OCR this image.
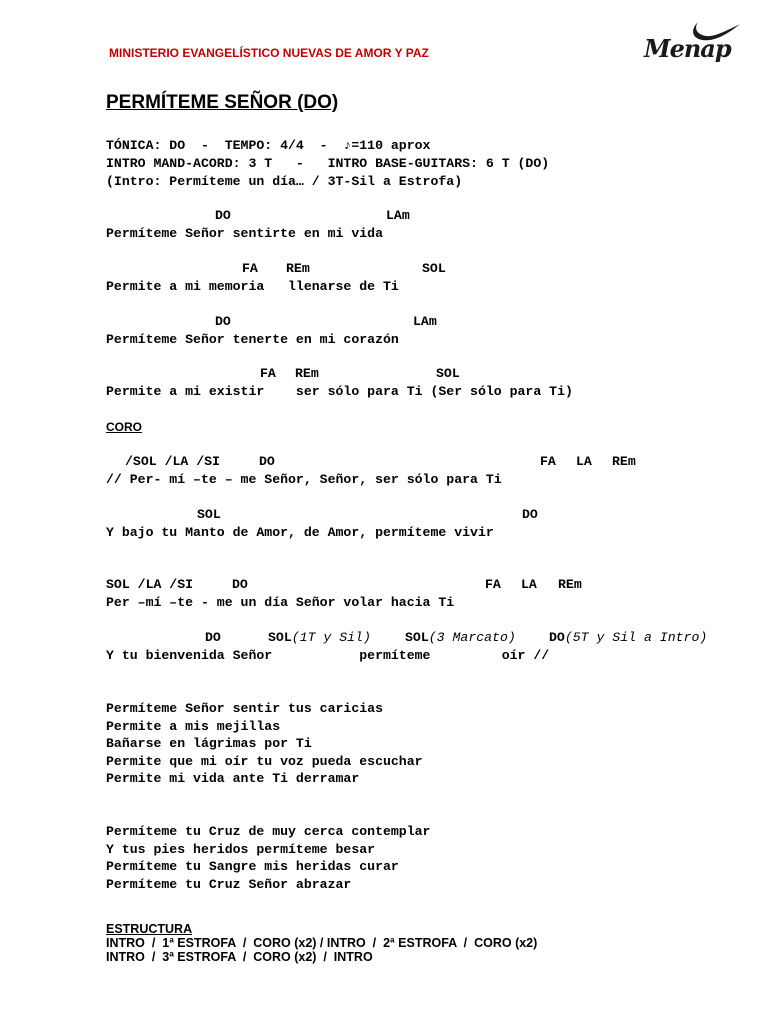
MINISTERIO EVANGELÍSTICO NUEVAS DE AMOR Y PAZ	Menap
PERMÍTEME SEÑOR (DO)
TÓNICA: DO  -  TEMPO: 4/4  -  ♪=110 aprox
INTRO MAND-ACORD: 3 T   -   INTRO BASE-GUITARS: 6 T (DO)
(Intro: Permíteme un día… / 3T-Sil a Estrofa)
DO	LAm
Permíteme Señor sentirte en mi vida
FA REm	SOL
Permite a mi memoria   llenarse de Ti
DO	LAm
Permíteme Señor tenerte en mi corazón
FA REm	SOL
Permite a mi existir    ser sólo para Ti (Ser sólo para Ti)
CORO
/SOL /LA /SI	DO	FA LA REm
// Per- mí –te – me Señor, Señor, ser sólo para Ti
SOL	DO
Y bajo tu Manto de Amor, de Amor, permíteme vivir
SOL /LA /SI	DO	FA LA REm
Per –mí –te - me un día Señor volar hacia Ti
DO	SOL(1T y Sil)	SOL(3 Marcato)	DO(5T y Sil a Intro)
Y tu bienvenida Señor           permíteme         oír //
Permíteme Señor sentir tus caricias
Permite a mis mejillas
Bañarse en lágrimas por Ti
Permite que mi oír tu voz pueda escuchar
Permite mi vida ante Ti derramar
Permíteme tu Cruz de muy cerca contemplar
Y tus pies heridos permíteme besar
Permíteme tu Sangre mis heridas curar
Permíteme tu Cruz Señor abrazar
ESTRUCTURA
INTRO  /  1ª ESTROFA  /  CORO (x2) / INTRO  /  2ª ESTROFA  /  CORO (x2)
INTRO  /  3ª ESTROFA  /  CORO (x2)  /  INTRO
